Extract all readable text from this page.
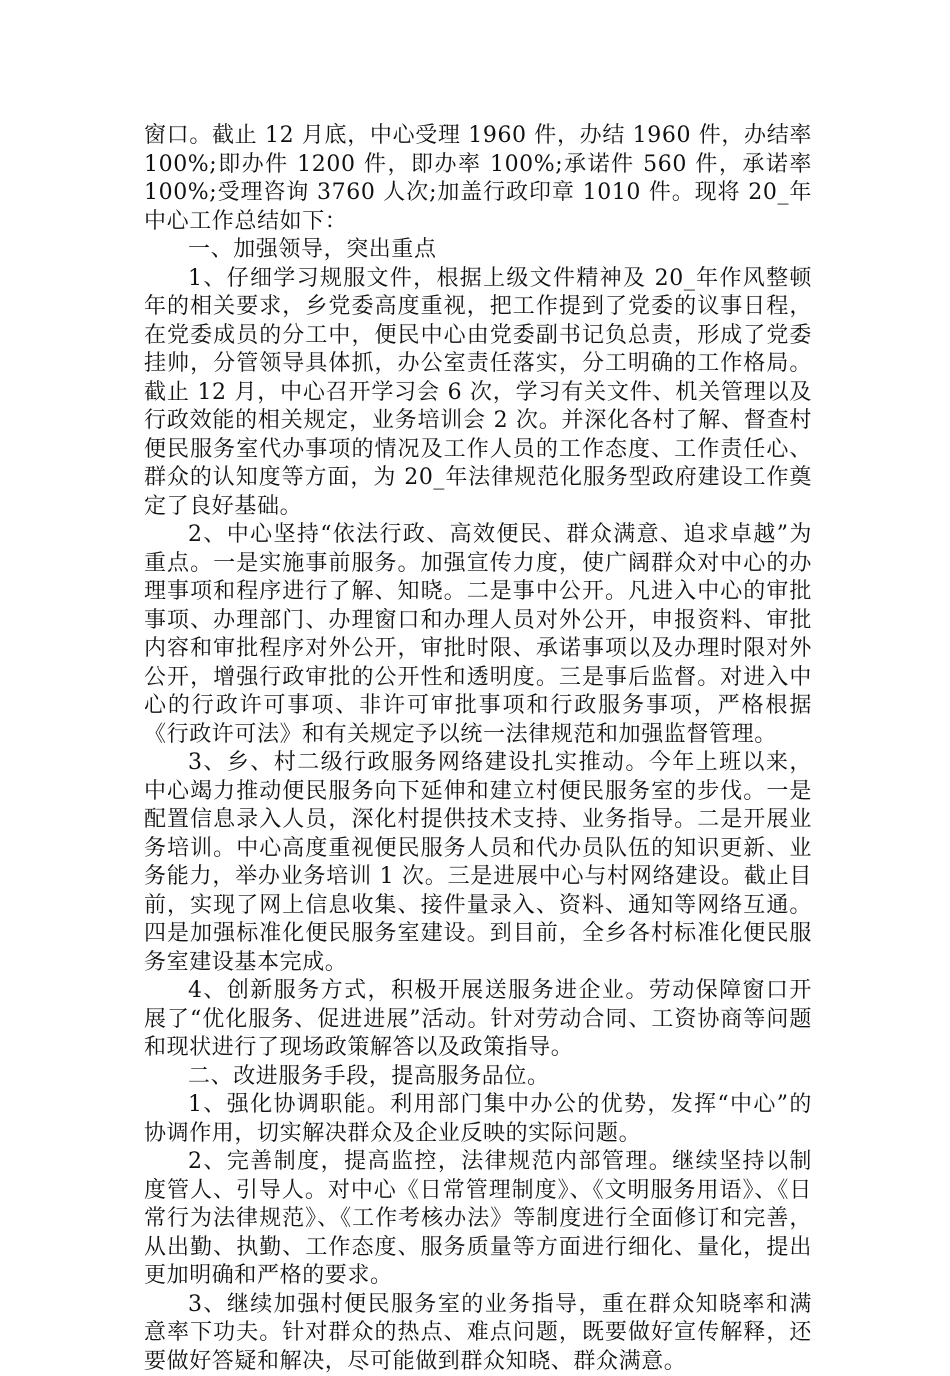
窗口。截止 12 月底，中心受理 1960 件，办结 1960 件，办结率 100%;即办件 1200 件，即办率 100%;承诺件 560 件，承诺率 100%;受理咨询 3760 人次;加盖行政印章 1010 件。现将 20_年中心工作总结如下：

一、加强领导，突出重点

1、仔细学习规服文件，根据上级文件精神及 20_年作风整顿年的相关要求，乡党委高度重视，把工作提到了党委的议事日程，在党委成员的分工中，便民中心由党委副书记负总责，形成了党委挂帅，分管领导具体抓，办公室责任落实，分工明确的工作格局。截止 12 月，中心召开学习会 6 次，学习有关文件、机关管理以及行政效能的相关规定，业务培训会 2 次。并深化各村了解、督查村便民服务室代办事项的情况及工作人员的工作态度、工作责任心、群众的认知度等方面，为 20_年法律规范化服务型政府建设工作奠定了良好基础。

2、中心坚持“依法行政、高效便民、群众满意、追求卓越”为重点。一是实施事前服务。加强宣传力度，使广阔群众对中心的办理事项和程序进行了解、知晓。二是事中公开。凡进入中心的审批事项、办理部门、办理窗口和办理人员对外公开，申报资料、审批内容和审批程序对外公开，审批时限、承诺事项以及办理时限对外公开，增强行政审批的公开性和透明度。三是事后监督。对进入中心的行政许可事项、非许可审批事项和行政服务事项，严格根据《行政许可法》和有关规定予以统一法律规范和加强监督管理。

3、乡、村二级行政服务网络建设扎实推动。今年上班以来，中心竭力推动便民服务向下延伸和建立村便民服务室的步伐。一是配置信息录入人员，深化村提供技术支持、业务指导。二是开展业务培训。中心高度重视便民服务人员和代办员队伍的知识更新、业务能力，举办业务培训 1 次。三是进展中心与村网络建设。截止目前，实现了网上信息收集、接件量录入、资料、通知等网络互通。四是加强标准化便民服务室建设。到目前，全乡各村标准化便民服务室建设基本完成。

4、创新服务方式，积极开展送服务进企业。劳动保障窗口开展了“优化服务、促进进展”活动。针对劳动合同、工资协商等问题和现状进行了现场政策解答以及政策指导。

二、改进服务手段，提高服务品位。

1、强化协调职能。利用部门集中办公的优势，发挥“中心”的协调作用，切实解决群众及企业反映的实际问题。

2、完善制度，提高监控，法律规范内部管理。继续坚持以制度管人、引导人。对中心《日常管理制度》、《文明服务用语》、《日常行为法律规范》、《工作考核办法》等制度进行全面修订和完善，从出勤、执勤、工作态度、服务质量等方面进行细化、量化，提出更加明确和严格的要求。

3、继续加强村便民服务室的业务指导，重在群众知晓率和满意率下功夫。针对群众的热点、难点问题，既要做好宣传解释，还要做好答疑和解决，尽可能做到群众知晓、群众满意。
